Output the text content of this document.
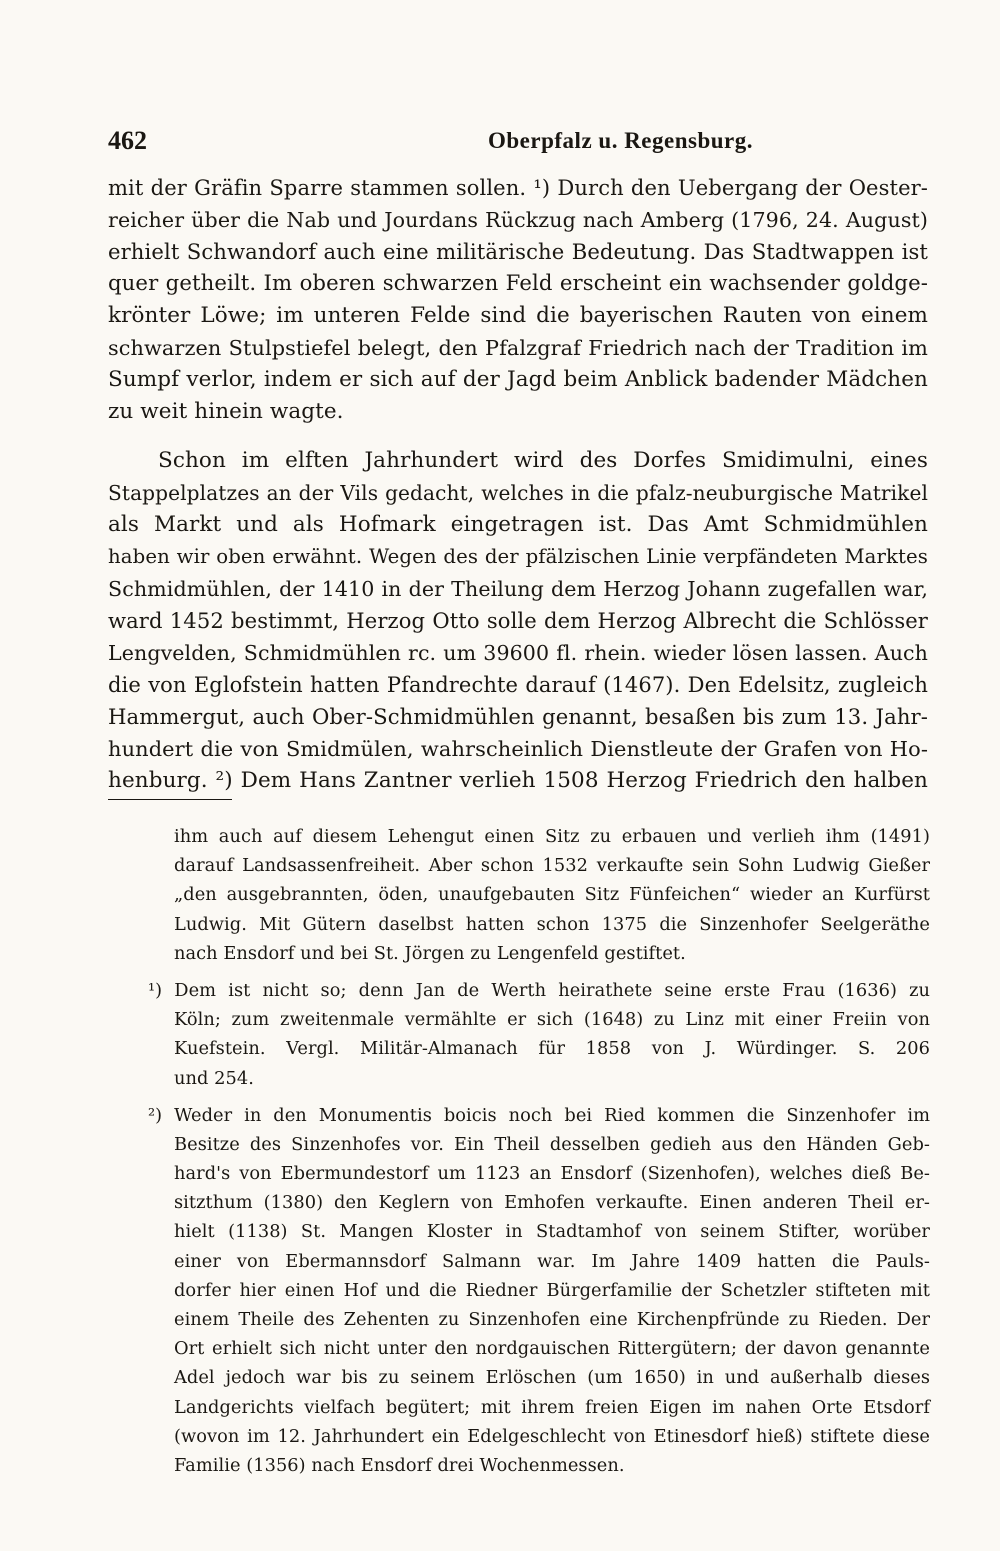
462	Oberpfalz u. Regensburg.
mit der Gräfin Sparre stammen sollen. ¹) Durch den Uebergang der Oester-
reicher über die Nab und Jourdans Rückzug nach Amberg (1796, 24. August)
erhielt Schwandorf auch eine militärische Bedeutung. Das Stadtwappen ist
quer getheilt. Im oberen schwarzen Feld erscheint ein wachsender goldge-
krönter Löwe; im unteren Felde sind die bayerischen Rauten von einem
schwarzen Stulpstiefel belegt, den Pfalzgraf Friedrich nach der Tradition im
Sumpf verlor, indem er sich auf der Jagd beim Anblick badender Mädchen
zu weit hinein wagte.
Schon im elften Jahrhundert wird des Dorfes Smidimulni, eines
Stappelplatzes an der Vils gedacht, welches in die pfalz-neuburgische Matrikel
als Markt und als Hofmark eingetragen ist. Das Amt Schmidmühlen
haben wir oben erwähnt. Wegen des der pfälzischen Linie verpfändeten Marktes
Schmidmühlen, der 1410 in der Theilung dem Herzog Johann zugefallen war,
ward 1452 bestimmt, Herzog Otto solle dem Herzog Albrecht die Schlösser
Lengvelden, Schmidmühlen rc. um 39600 fl. rhein. wieder lösen lassen. Auch
die von Eglofstein hatten Pfandrechte darauf (1467). Den Edelsitz, zugleich
Hammergut, auch Ober-Schmidmühlen genannt, besaßen bis zum 13. Jahr-
hundert die von Smidmülen, wahrscheinlich Dienstleute der Grafen von Ho-
henburg. ²) Dem Hans Zantner verlieh 1508 Herzog Friedrich den halben
ihm auch auf diesem Lehengut einen Sitz zu erbauen und verlieh ihm (1491)
darauf Landsassenfreiheit. Aber schon 1532 verkaufte sein Sohn Ludwig Gießer
„den ausgebrannten, öden, unaufgebauten Sitz Fünfeichen“ wieder an Kurfürst
Ludwig. Mit Gütern daselbst hatten schon 1375 die Sinzenhofer Seelgeräthe
nach Ensdorf und bei St. Jörgen zu Lengenfeld gestiftet.
¹) Dem ist nicht so; denn Jan de Werth heirathete seine erste Frau (1636) zu
Köln; zum zweitenmale vermählte er sich (1648) zu Linz mit einer Freiin von
Kuefstein. Vergl. Militär-Almanach für 1858 von J. Würdinger. S. 206
und 254.
²) Weder in den Monumentis boicis noch bei Ried kommen die Sinzenhofer im
Besitze des Sinzenhofes vor. Ein Theil desselben gedieh aus den Händen Geb-
hard's von Ebermundestorf um 1123 an Ensdorf (Sizenhofen), welches dieß Be-
sitzthum (1380) den Keglern von Emhofen verkaufte. Einen anderen Theil er-
hielt (1138) St. Mangen Kloster in Stadtamhof von seinem Stifter, worüber
einer von Ebermannsdorf Salmann war. Im Jahre 1409 hatten die Pauls-
dorfer hier einen Hof und die Riedner Bürgerfamilie der Schetzler stifteten mit
einem Theile des Zehenten zu Sinzenhofen eine Kirchenpfründe zu Rieden. Der
Ort erhielt sich nicht unter den nordgauischen Rittergütern; der davon genannte
Adel jedoch war bis zu seinem Erlöschen (um 1650) in und außerhalb dieses
Landgerichts vielfach begütert; mit ihrem freien Eigen im nahen Orte Etsdorf
(wovon im 12. Jahrhundert ein Edelgeschlecht von Etinesdorf hieß) stiftete diese
Familie (1356) nach Ensdorf drei Wochenmessen.
